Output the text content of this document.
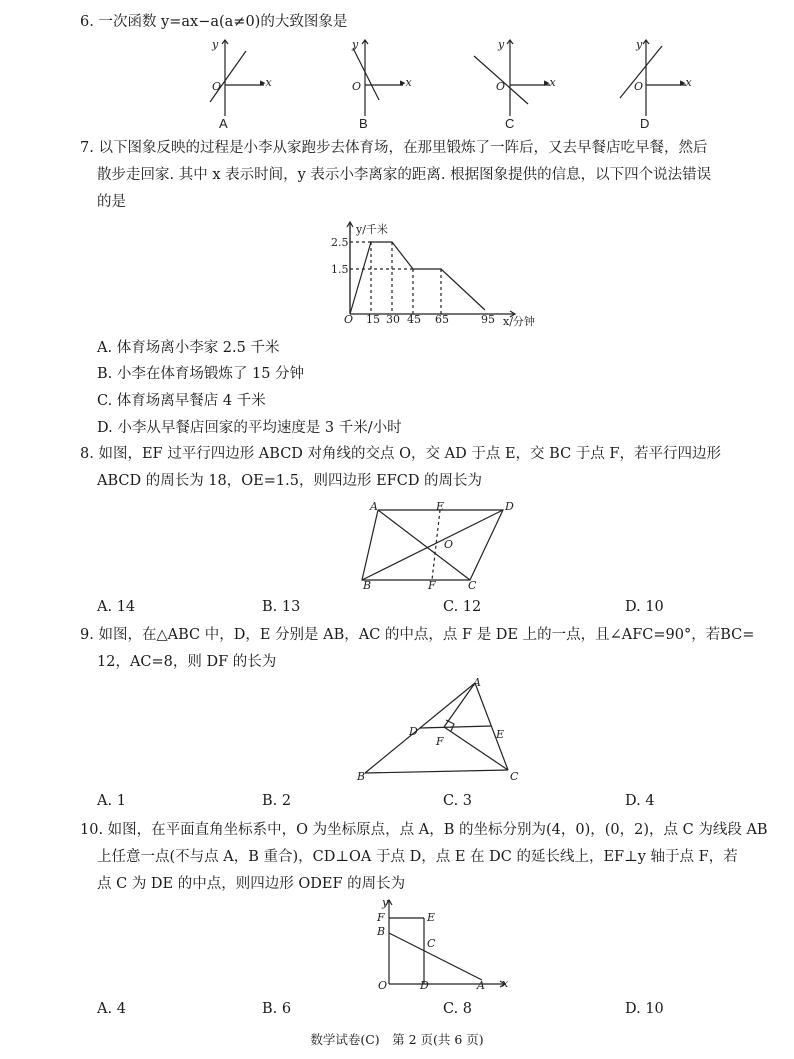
6. 一次函数 y=ax−a(a≠0)的大致图象是
y
O	▸x
A
y
O	▸x
B
y
O	▸x
C
y
O	▸x
D
7. 以下图象反映的过程是小李从家跑步去体育场，在那里锻炼了一阵后，又去早餐店吃早餐，然后
散步走回家. 其中 x 表示时间，y 表示小李离家的距离. 根据图象提供的信息，以下四个说法错误
的是
y/千米
2.5
1.5
O 15 30 45 65	95 x/分钟
A. 体育场离小李家 2.5 千米
B. 小李在体育场锻炼了 15 分钟
C. 体育场离早餐店 4 千米
D. 小李从早餐店回家的平均速度是 3 千米/小时
8. 如图，EF 过平行四边形 ABCD 对角线的交点 O，交 AD 于点 E，交 BC 于点 F，若平行四边形
ABCD 的周长为 18，OE=1.5，则四边形 EFCD 的周长为
A	E	D
O
B	F	C
A. 14	B. 13	C. 12	D. 10
9. 如图，在△ABC 中，D，E 分别是 AB，AC 的中点，点 F 是 DE 上的一点，且∠AFC=90°，若BC=
12，AC=8，则 DF 的长为
A
D
F
E
B	C
A. 1	B. 2	C. 3	D. 4
10. 如图，在平面直角坐标系中，O 为坐标原点，点 A，B 的坐标分别为(4，0)，(0，2)，点 C 为线段 AB
上任意一点(不与点 A，B 重合)，CD⊥OA 于点 D，点 E 在 DC 的延长线上，EF⊥y 轴于点 F，若
点 C 为 DE 的中点，则四边形 ODEF 的周长为
y
F	E
B
C
O	D	A x
A. 4	B. 6	C. 8	D. 10
数学试卷(C)　第 2 页(共 6 页)
